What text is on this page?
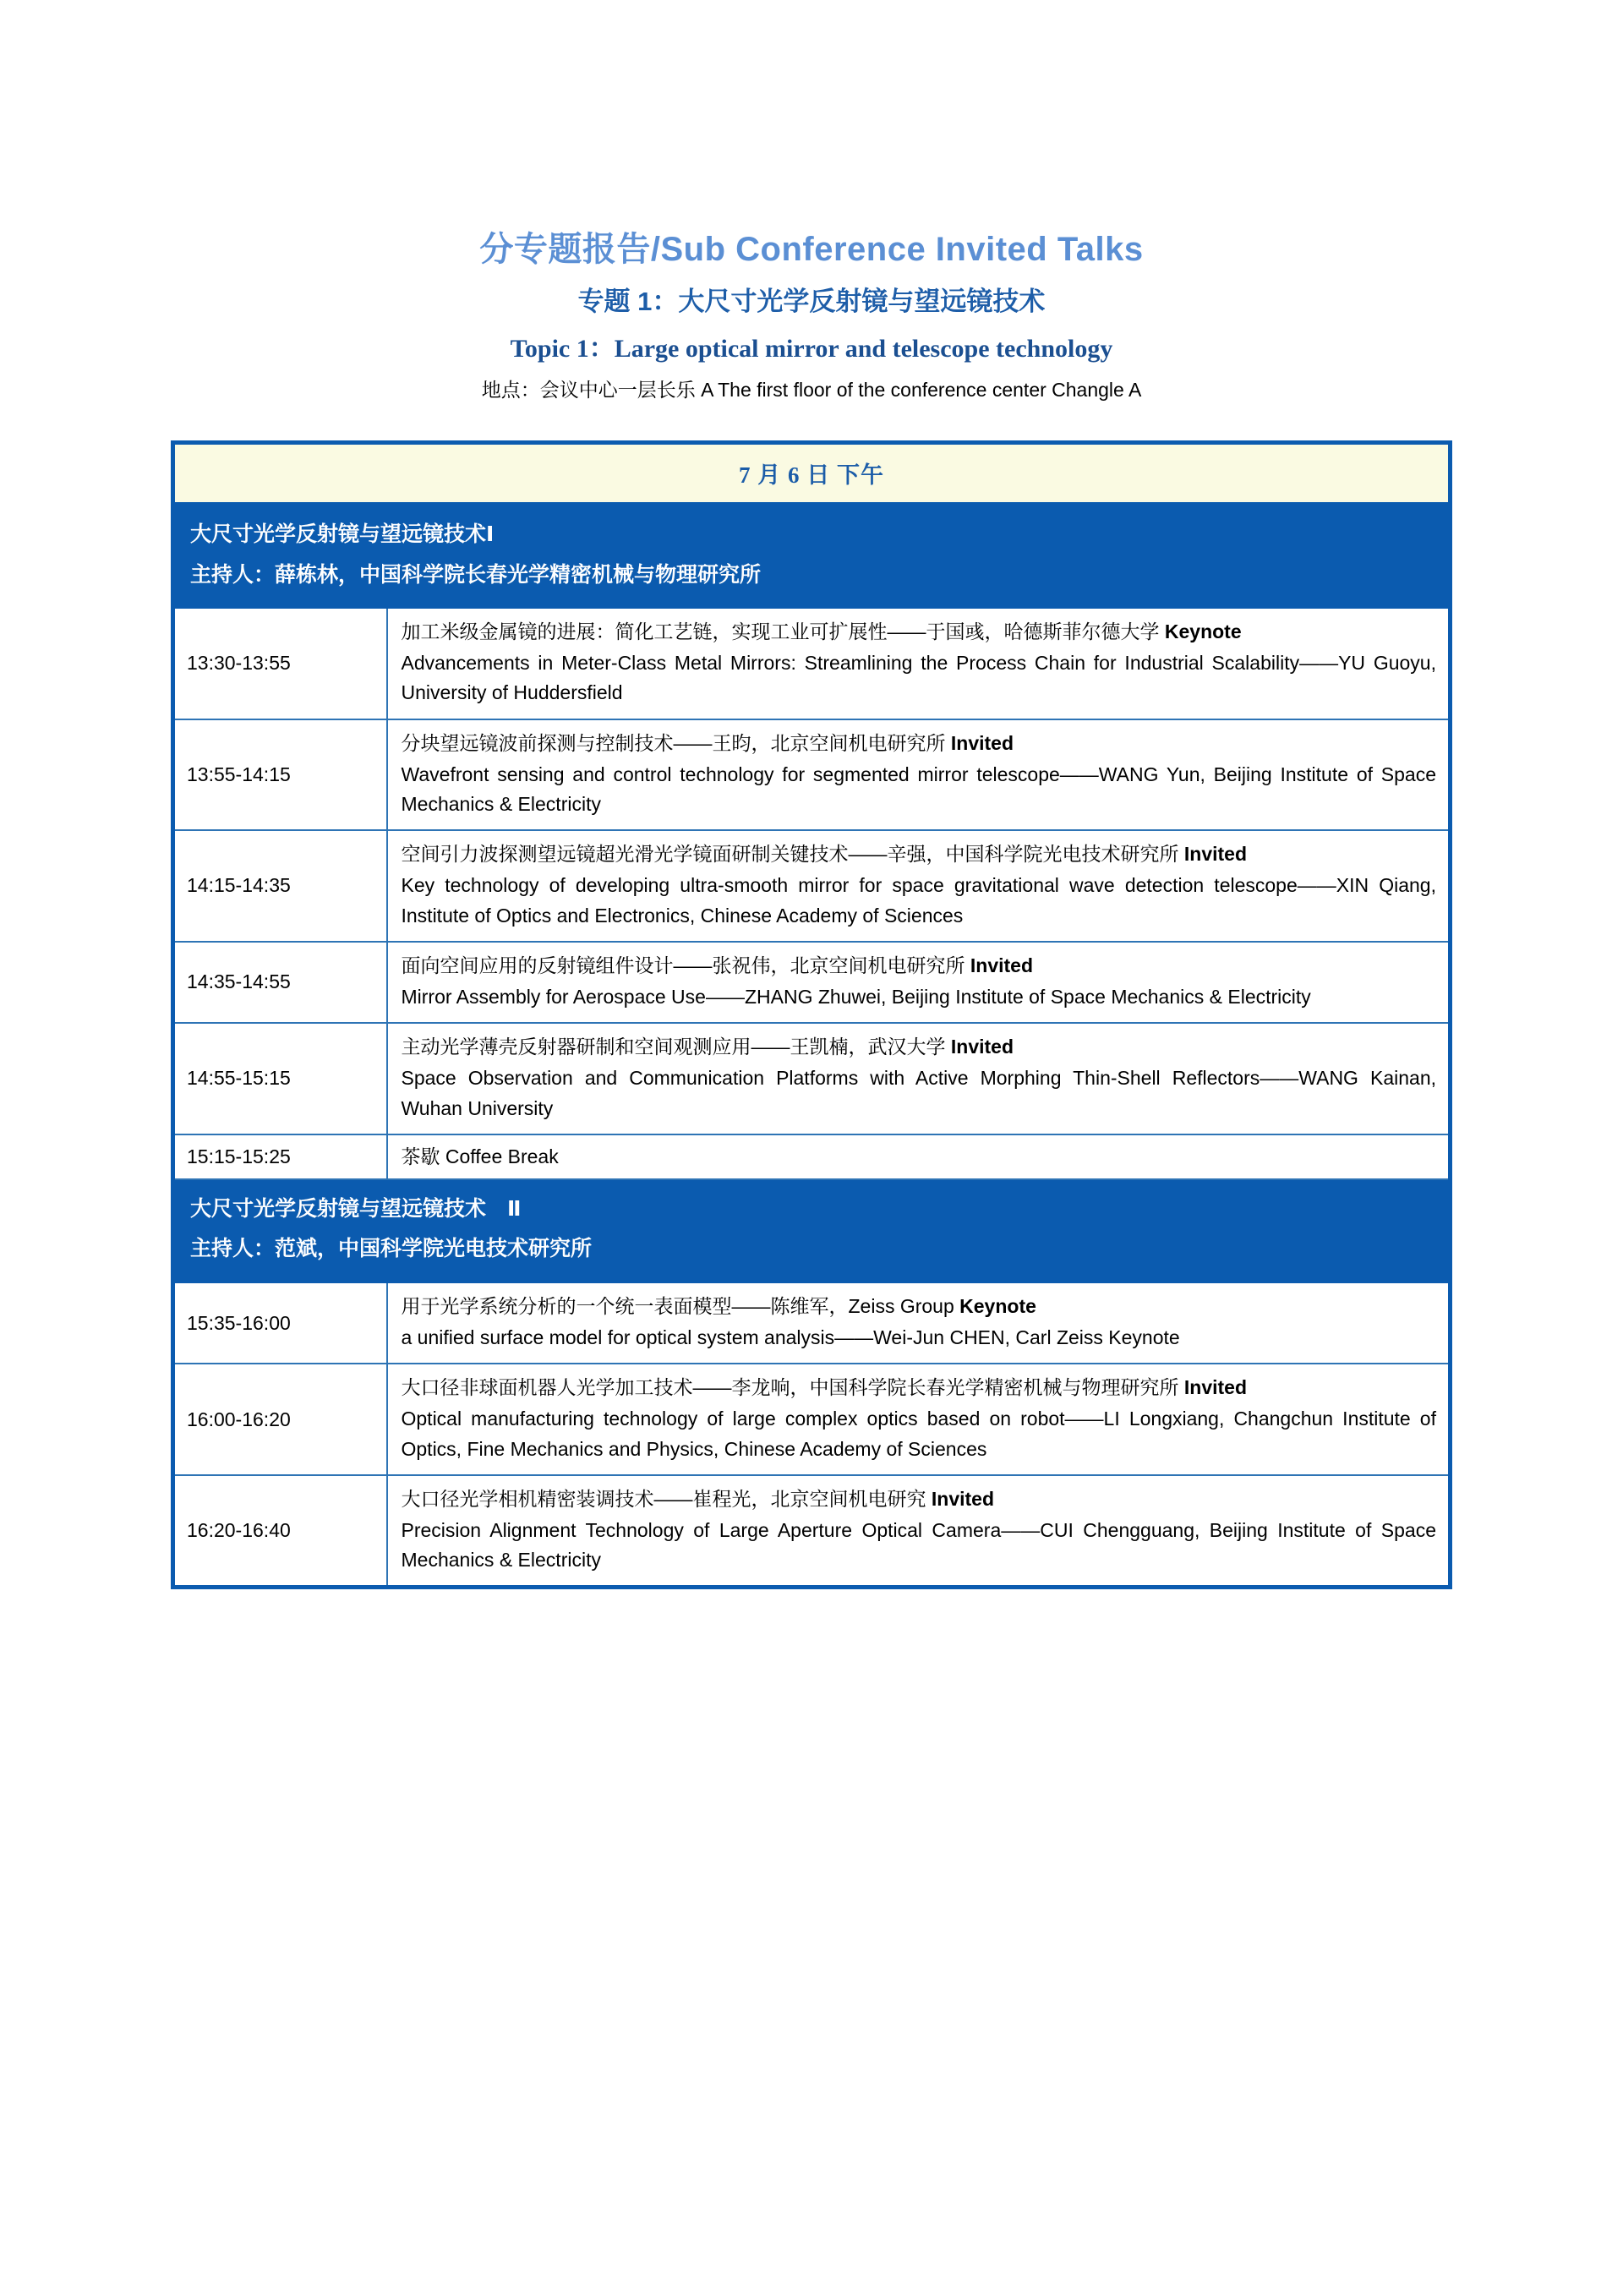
分专题报告/Sub Conference Invited Talks
专题 1：大尺寸光学反射镜与望远镜技术
Topic 1：Large optical mirror and telescope technology
地点：会议中心一层长乐 A The first floor of the conference center Changle A
7 月 6 日 下午	

大尺寸光学反射镜与望远镜技术Ⅰ
主持人：薛栋林，中国科学院长春光学精密机械与物理研究所	

13:30-13:55	加工米级金属镜的进展：简化工艺链，实现工业可扩展性——于国彧，哈德斯菲尔德大学 Keynote

Advancements in Meter-Class Metal Mirrors: Streamlining the Process Chain for Industrial Scalability——YU Guoyu, University of Huddersfield

13:55-14:15	分块望远镜波前探测与控制技术——王昀，北京空间机电研究所 Invited

Wavefront sensing and control technology for segmented mirror telescope——WANG Yun, Beijing Institute of Space Mechanics & Electricity

14:15-14:35	空间引力波探测望远镜超光滑光学镜面研制关键技术——辛强，中国科学院光电技术研究所 Invited

Key technology of developing ultra-smooth mirror for space gravitational wave detection telescope——XIN Qiang, Institute of Optics and Electronics, Chinese Academy of Sciences

14:35-14:55	面向空间应用的反射镜组件设计——张祝伟，北京空间机电研究所 Invited

Mirror Assembly for Aerospace Use——ZHANG Zhuwei, Beijing Institute of Space Mechanics & Electricity

14:55-15:15	主动光学薄壳反射器研制和空间观测应用——王凯楠，武汉大学 Invited

Space Observation and Communication Platforms with Active Morphing Thin-Shell Reflectors——WANG Kainan, Wuhan University

15:15-15:25	茶歇 Coffee Break

大尺寸光学反射镜与望远镜技术　Ⅱ
主持人：范斌，中国科学院光电技术研究所	

15:35-16:00	用于光学系统分析的一个统一表面模型——陈维军，Zeiss Group Keynote

a unified surface model for optical system analysis——Wei-Jun CHEN, Carl Zeiss Keynote

16:00-16:20	大口径非球面机器人光学加工技术——李龙响，中国科学院长春光学精密机械与物理研究所 Invited

Optical manufacturing technology of large complex optics based on robot——LI Longxiang, Changchun Institute of Optics, Fine Mechanics and Physics, Chinese Academy of Sciences

16:20-16:40	大口径光学相机精密装调技术——崔程光，北京空间机电研究 Invited

Precision Alignment Technology of Large Aperture Optical Camera——CUI Chengguang, Beijing Institute of Space Mechanics & Electricity
